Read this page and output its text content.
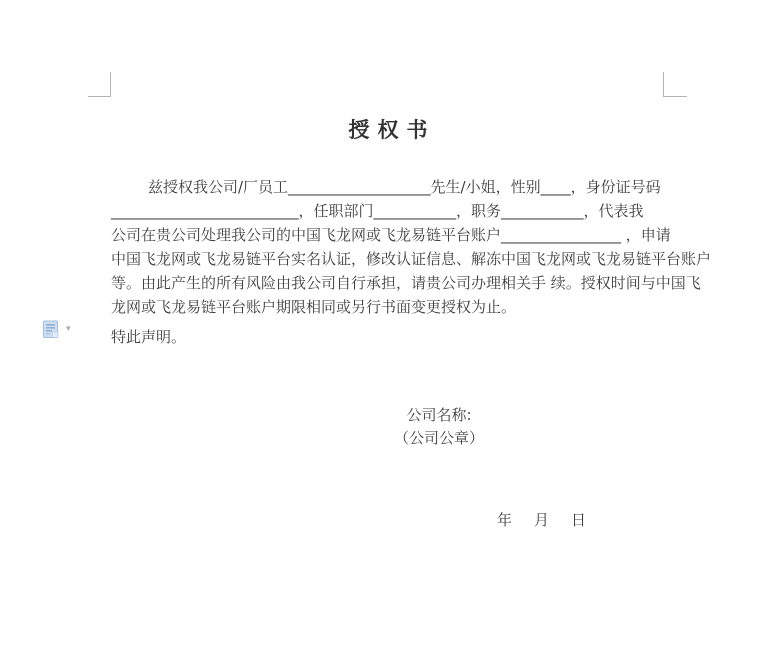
授权书
兹授权我公司/厂员工___________________先生/小姐，性别____，身份证号码
_________________________，任职部门___________，职务___________，代表我
公司在贵公司处理我公司的中国飞龙网或飞龙易链平台账户________________ ，申请
中国飞龙网或飞龙易链平台实名认证，修改认证信息、解冻中国飞龙网或飞龙易链平台账户
等。由此产生的所有风险由我公司自行承担，请贵公司办理相关手 续。授权时间与中国飞
龙网或飞龙易链平台账户期限相同或另行书面变更授权为止。
▾	特此声明。
公司名称:
（公司公章）
年 月 日
